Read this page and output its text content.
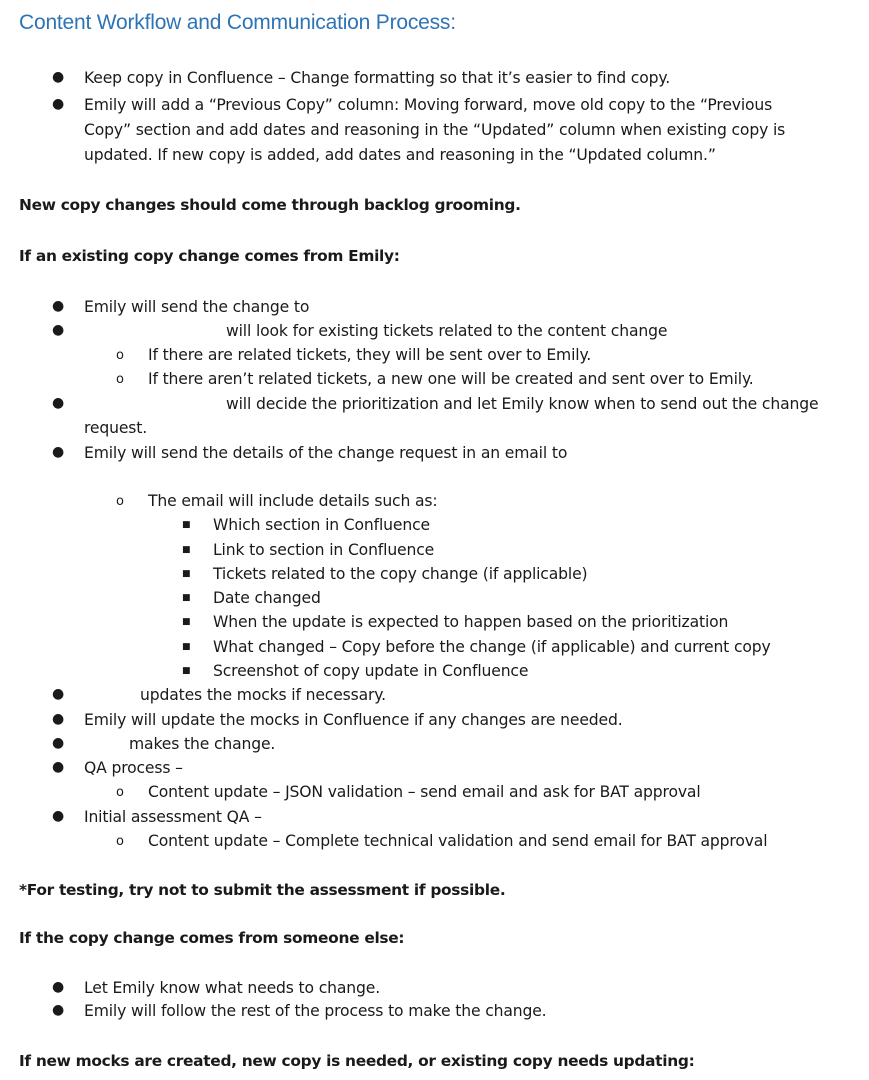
Content Workflow and Communication Process:
● Keep copy in Confluence – Change formatting so that it’s easier to find copy.
● Emily will add a “Previous Copy” column: Moving forward, move old copy to the “Previous
Copy” section and add dates and reasoning in the “Updated” column when existing copy is
updated. If new copy is added, add dates and reasoning in the “Updated column.”
New copy changes should come through backlog grooming.
If an existing copy change comes from Emily:
● Emily will send the change to
●	will look for existing tickets related to the content change
o If there are related tickets, they will be sent over to Emily.
o If there aren’t related tickets, a new one will be created and sent over to Emily.
●	will decide the prioritization and let Emily know when to send out the change
request.
● Emily will send the details of the change request in an email to
o The email will include details such as:
■ Which section in Confluence
■ Link to section in Confluence
■ Tickets related to the copy change (if applicable)
■ Date changed
■ When the update is expected to happen based on the prioritization
■ What changed – Copy before the change (if applicable) and current copy
■ Screenshot of copy update in Confluence
●	updates the mocks if necessary.
● Emily will update the mocks in Confluence if any changes are needed.
●	makes the change.
● QA process –
o Content update – JSON validation – send email and ask for BAT approval
● Initial assessment QA –
o Content update – Complete technical validation and send email for BAT approval
*For testing, try not to submit the assessment if possible.
If the copy change comes from someone else:
● Let Emily know what needs to change.
● Emily will follow the rest of the process to make the change.
If new mocks are created, new copy is needed, or existing copy needs updating:
